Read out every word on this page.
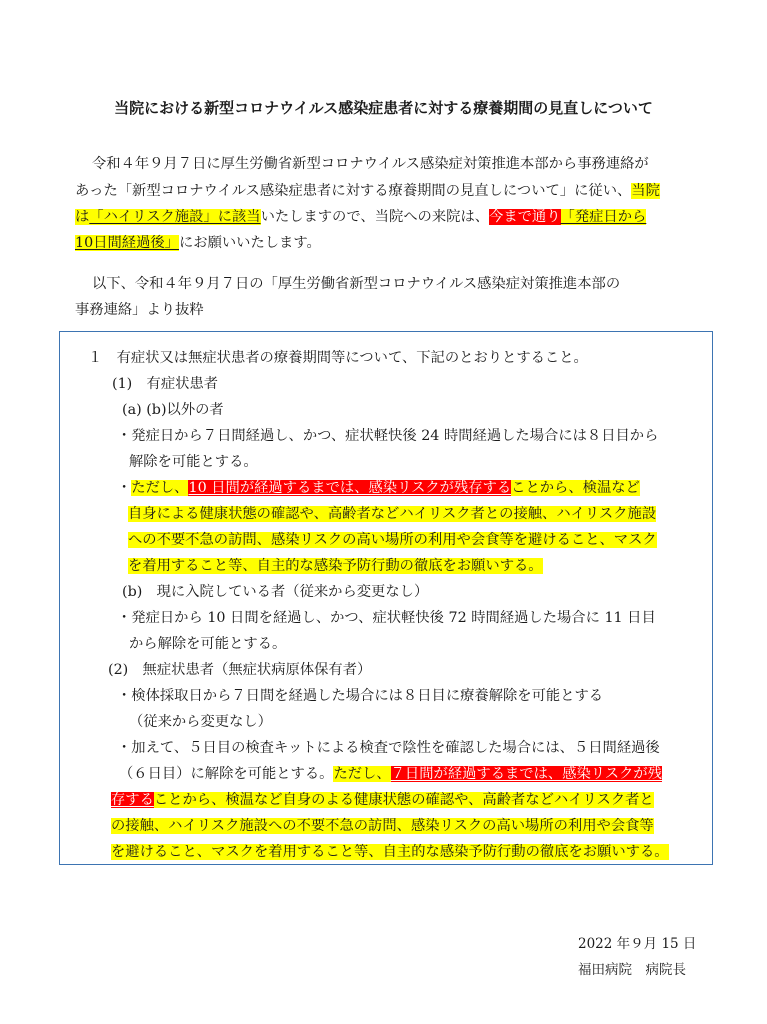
当院における新型コロナウイルス感染症患者に対する療養期間の見直しについて
令和４年９月７日に厚生労働省新型コロナウイルス感染症対策推進本部から事務連絡が
あった「新型コロナウイルス感染症患者に対する療養期間の見直しについて」に従い、当院
は「ハイリスク施設」に該当いたしますので、当院への来院は、今まで通り「発症日から
10日間経過後」にお願いいたします。
以下、令和４年９月７日の「厚生労働省新型コロナウイルス感染症対策推進本部の
事務連絡」より抜粋
１　有症状又は無症状患者の療養期間等について、下記のとおりとすること。
(1)　有症状患者
(a) (b)以外の者
・発症日から７日間経過し、かつ、症状軽快後 24 時間経過した場合には８日目から
解除を可能とする。
・ただし、10 日間が経過するまでは、感染リスクが残存することから、検温など
自身による健康状態の確認や、高齢者などハイリスク者との接触、ハイリスク施設
への不要不急の訪問、感染リスクの高い場所の利用や会食等を避けること、マスク
を着用すること等、自主的な感染予防行動の徹底をお願いする。
(b)　現に入院している者（従来から変更なし）
・発症日から 10 日間を経過し、かつ、症状軽快後 72 時間経過した場合に 11 日目
から解除を可能とする。
(2)　無症状患者（無症状病原体保有者）
・検体採取日から７日間を経過した場合には８日目に療養解除を可能とする
（従来から変更なし）
・加えて、５日目の検査キットによる検査で陰性を確認した場合には、５日間経過後
（６日目）に解除を可能とする。ただし、７日間が経過するまでは、感染リスクが残
存することから、検温など自身のよる健康状態の確認や、高齢者などハイリスク者と
の接触、ハイリスク施設への不要不急の訪問、感染リスクの高い場所の利用や会食等
を避けること、マスクを着用すること等、自主的な感染予防行動の徹底をお願いする。
2022 年９月 15 日
福田病院　病院長
